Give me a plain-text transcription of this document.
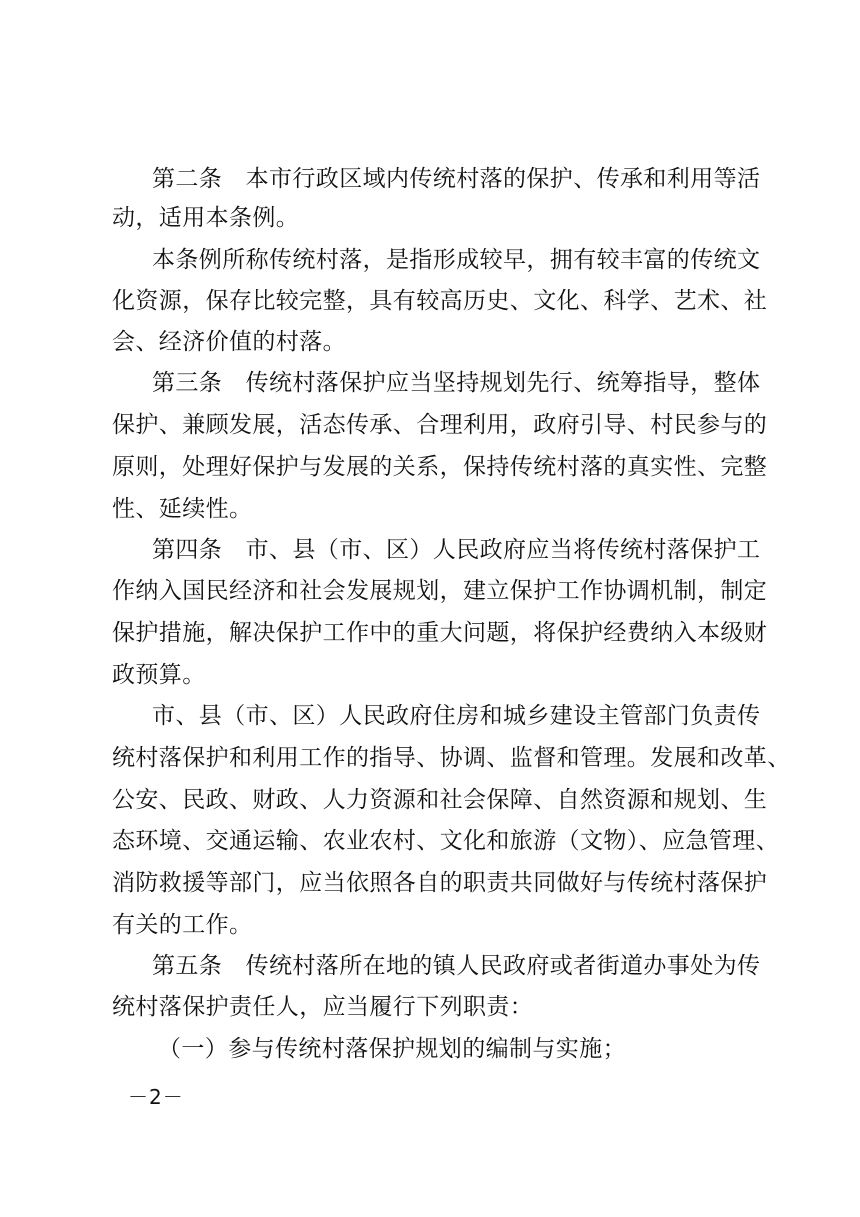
第二条　本市行政区域内传统村落的保护、传承和利用等活
动，适用本条例。
本条例所称传统村落，是指形成较早，拥有较丰富的传统文
化资源，保存比较完整，具有较高历史、文化、科学、艺术、社
会、经济价值的村落。
第三条　传统村落保护应当坚持规划先行、统筹指导，整体
保护、兼顾发展，活态传承、合理利用，政府引导、村民参与的
原则，处理好保护与发展的关系，保持传统村落的真实性、完整
性、延续性。
第四条　市、县（市、区）人民政府应当将传统村落保护工
作纳入国民经济和社会发展规划，建立保护工作协调机制，制定
保护措施，解决保护工作中的重大问题，将保护经费纳入本级财
政预算。
市、县（市、区）人民政府住房和城乡建设主管部门负责传
统村落保护和利用工作的指导、协调、监督和管理。发展和改革、
公安、民政、财政、人力资源和社会保障、自然资源和规划、生
态环境、交通运输、农业农村、文化和旅游（文物）、应急管理、
消防救援等部门，应当依照各自的职责共同做好与传统村落保护
有关的工作。
第五条　传统村落所在地的镇人民政府或者街道办事处为传
统村落保护责任人，应当履行下列职责：
（一）参与传统村落保护规划的编制与实施；
－2－
